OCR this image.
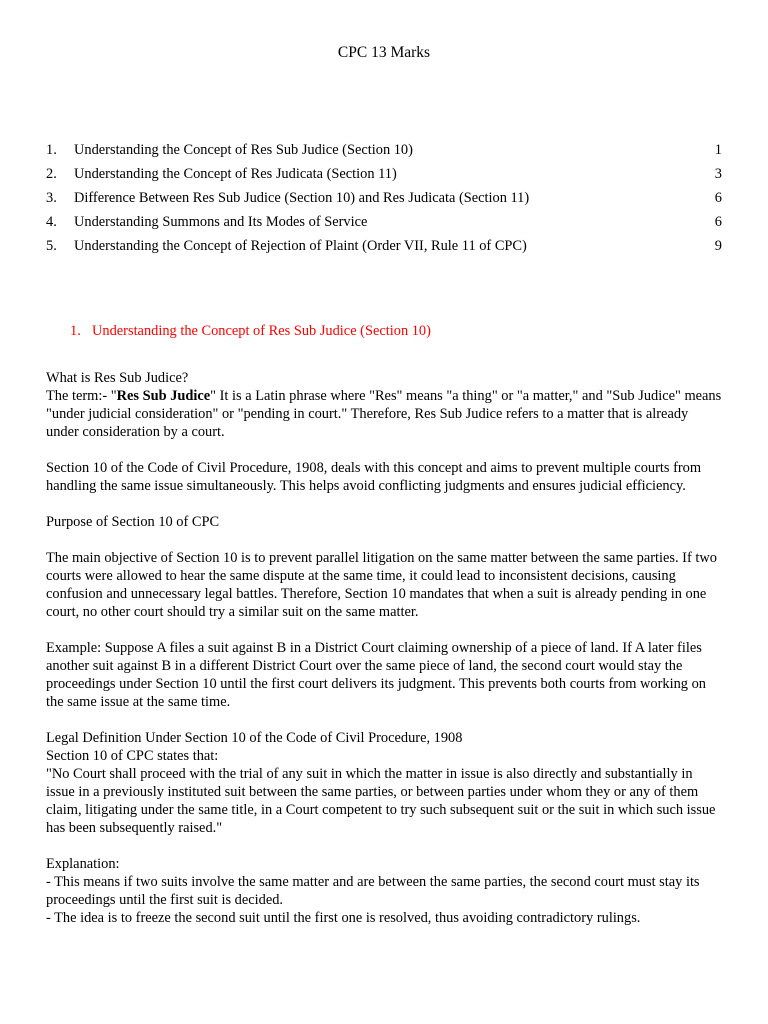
CPC 13 Marks
1.	Understanding the Concept of Res Sub Judice (Section 10)	1
2.	Understanding the Concept of Res Judicata (Section 11)	3
3.	Difference Between Res Sub Judice (Section 10) and Res Judicata (Section 11)	6
4.	Understanding Summons and Its Modes of Service	6
5.	Understanding the Concept of Rejection of Plaint (Order VII, Rule 11 of CPC)	9
1. Understanding the Concept of Res Sub Judice (Section 10)

What is Res Sub Judice?

The term:- "Res Sub Judice" It is a Latin phrase where "Res" means "a thing" or "a matter," and "Sub Judice" means "under judicial consideration" or "pending in court." Therefore, Res Sub Judice refers to a matter that is already under consideration by a court.

Section 10 of the Code of Civil Procedure, 1908, deals with this concept and aims to prevent multiple courts from handling the same issue simultaneously. This helps avoid conflicting judgments and ensures judicial efficiency.

Purpose of Section 10 of CPC

The main objective of Section 10 is to prevent parallel litigation on the same matter between the same parties. If two courts were allowed to hear the same dispute at the same time, it could lead to inconsistent decisions, causing confusion and unnecessary legal battles. Therefore, Section 10 mandates that when a suit is already pending in one court, no other court should try a similar suit on the same matter.

Example: Suppose A files a suit against B in a District Court claiming ownership of a piece of land. If A later files another suit against B in a different District Court over the same piece of land, the second court would stay the proceedings under Section 10 until the first court delivers its judgment. This prevents both courts from working on the same issue at the same time.

Legal Definition Under Section 10 of the Code of Civil Procedure, 1908

Section 10 of CPC states that:

"No Court shall proceed with the trial of any suit in which the matter in issue is also directly and substantially in issue in a previously instituted suit between the same parties, or between parties under whom they or any of them claim, litigating under the same title, in a Court competent to try such subsequent suit or the suit in which such issue has been subsequently raised."

Explanation:

- This means if two suits involve the same matter and are between the same parties, the second court must stay its proceedings until the first suit is decided.

- The idea is to freeze the second suit until the first one is resolved, thus avoiding contradictory rulings.
